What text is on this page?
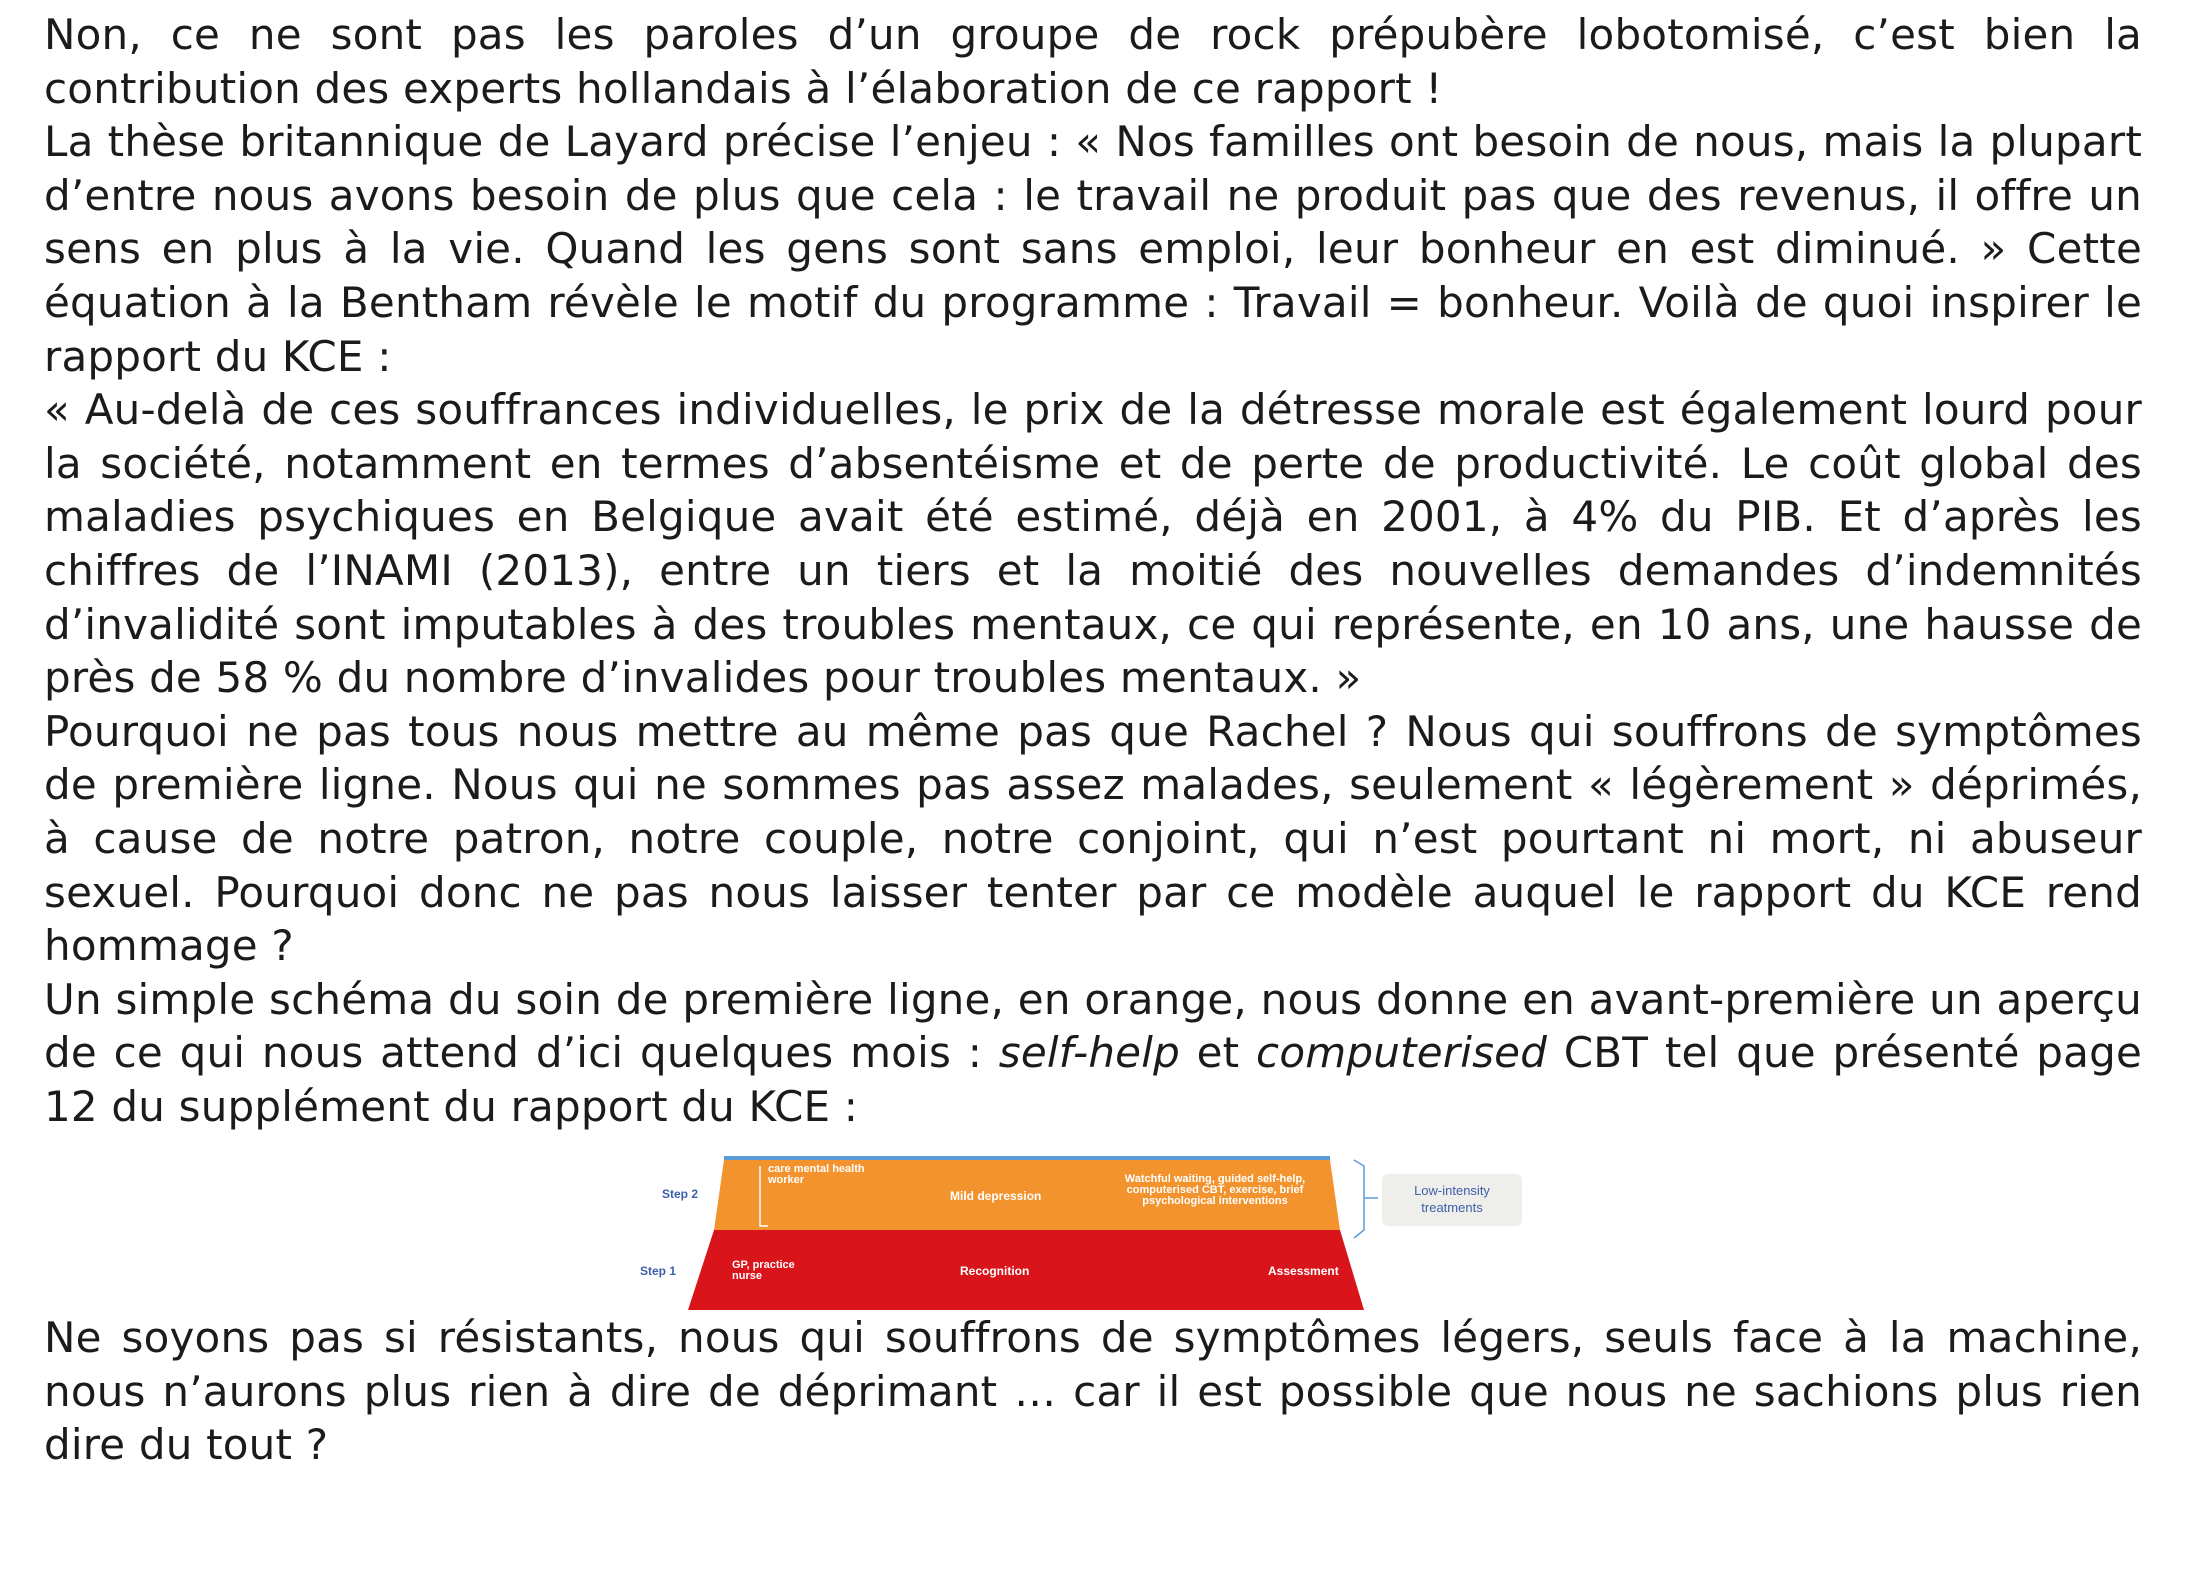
Non, ce ne sont pas les paroles d’un groupe de rock prépubère lobotomisé, c’est bien la contribution des experts hollandais à l’élaboration de ce rapport !

La thèse britannique de Layard précise l’enjeu : « Nos familles ont besoin de nous, mais la plupart d’entre nous avons besoin de plus que cela : le travail ne produit pas que des revenus, il offre un sens en plus à la vie. Quand les gens sont sans emploi, leur bonheur en est diminué. » Cette équation à la Bentham révèle le motif du programme : Travail = bonheur. Voilà de quoi inspirer le rapport du KCE :

« Au-delà de ces souffrances individuelles, le prix de la détresse morale est également lourd pour la société, notamment en termes d’absentéisme et de perte de productivité. Le coût global des maladies psychiques en Belgique avait été estimé, déjà en 2001, à 4% du PIB. Et d’après les chiffres de l’INAMI (2013), entre un tiers et la moitié des nouvelles demandes d’indemnités d’invalidité sont imputables à des troubles mentaux, ce qui représente, en 10 ans, une hausse de près de 58 % du nombre d’invalides pour troubles mentaux. »

Pourquoi ne pas tous nous mettre au même pas que Rachel ? Nous qui souffrons de symptômes de première ligne. Nous qui ne sommes pas assez malades, seulement « légèrement » déprimés, à cause de notre patron, notre couple, notre conjoint, qui n’est pourtant ni mort, ni abuseur sexuel. Pourquoi donc ne pas nous laisser tenter par ce modèle auquel le rapport du KCE rend hommage ?

Un simple schéma du soin de première ligne, en orange, nous donne en avant-première un aperçu de ce qui nous attend d’ici quelques mois : self-help et computerised CBT tel que présenté page 12 du supplément du rapport du KCE :

Step 2
Step 1
care mental health worker
Mild depression
Watchful waiting, guided self-help, computerised CBT, exercise, brief psychological interventions
GP, practice nurse	Recognition	Assessment
Low-intensity treatments

Ne soyons pas si résistants, nous qui souffrons de symptômes légers, seuls face à la machine, nous n’aurons plus rien à dire de déprimant … car il est possible que nous ne sachions plus rien dire du tout ?
